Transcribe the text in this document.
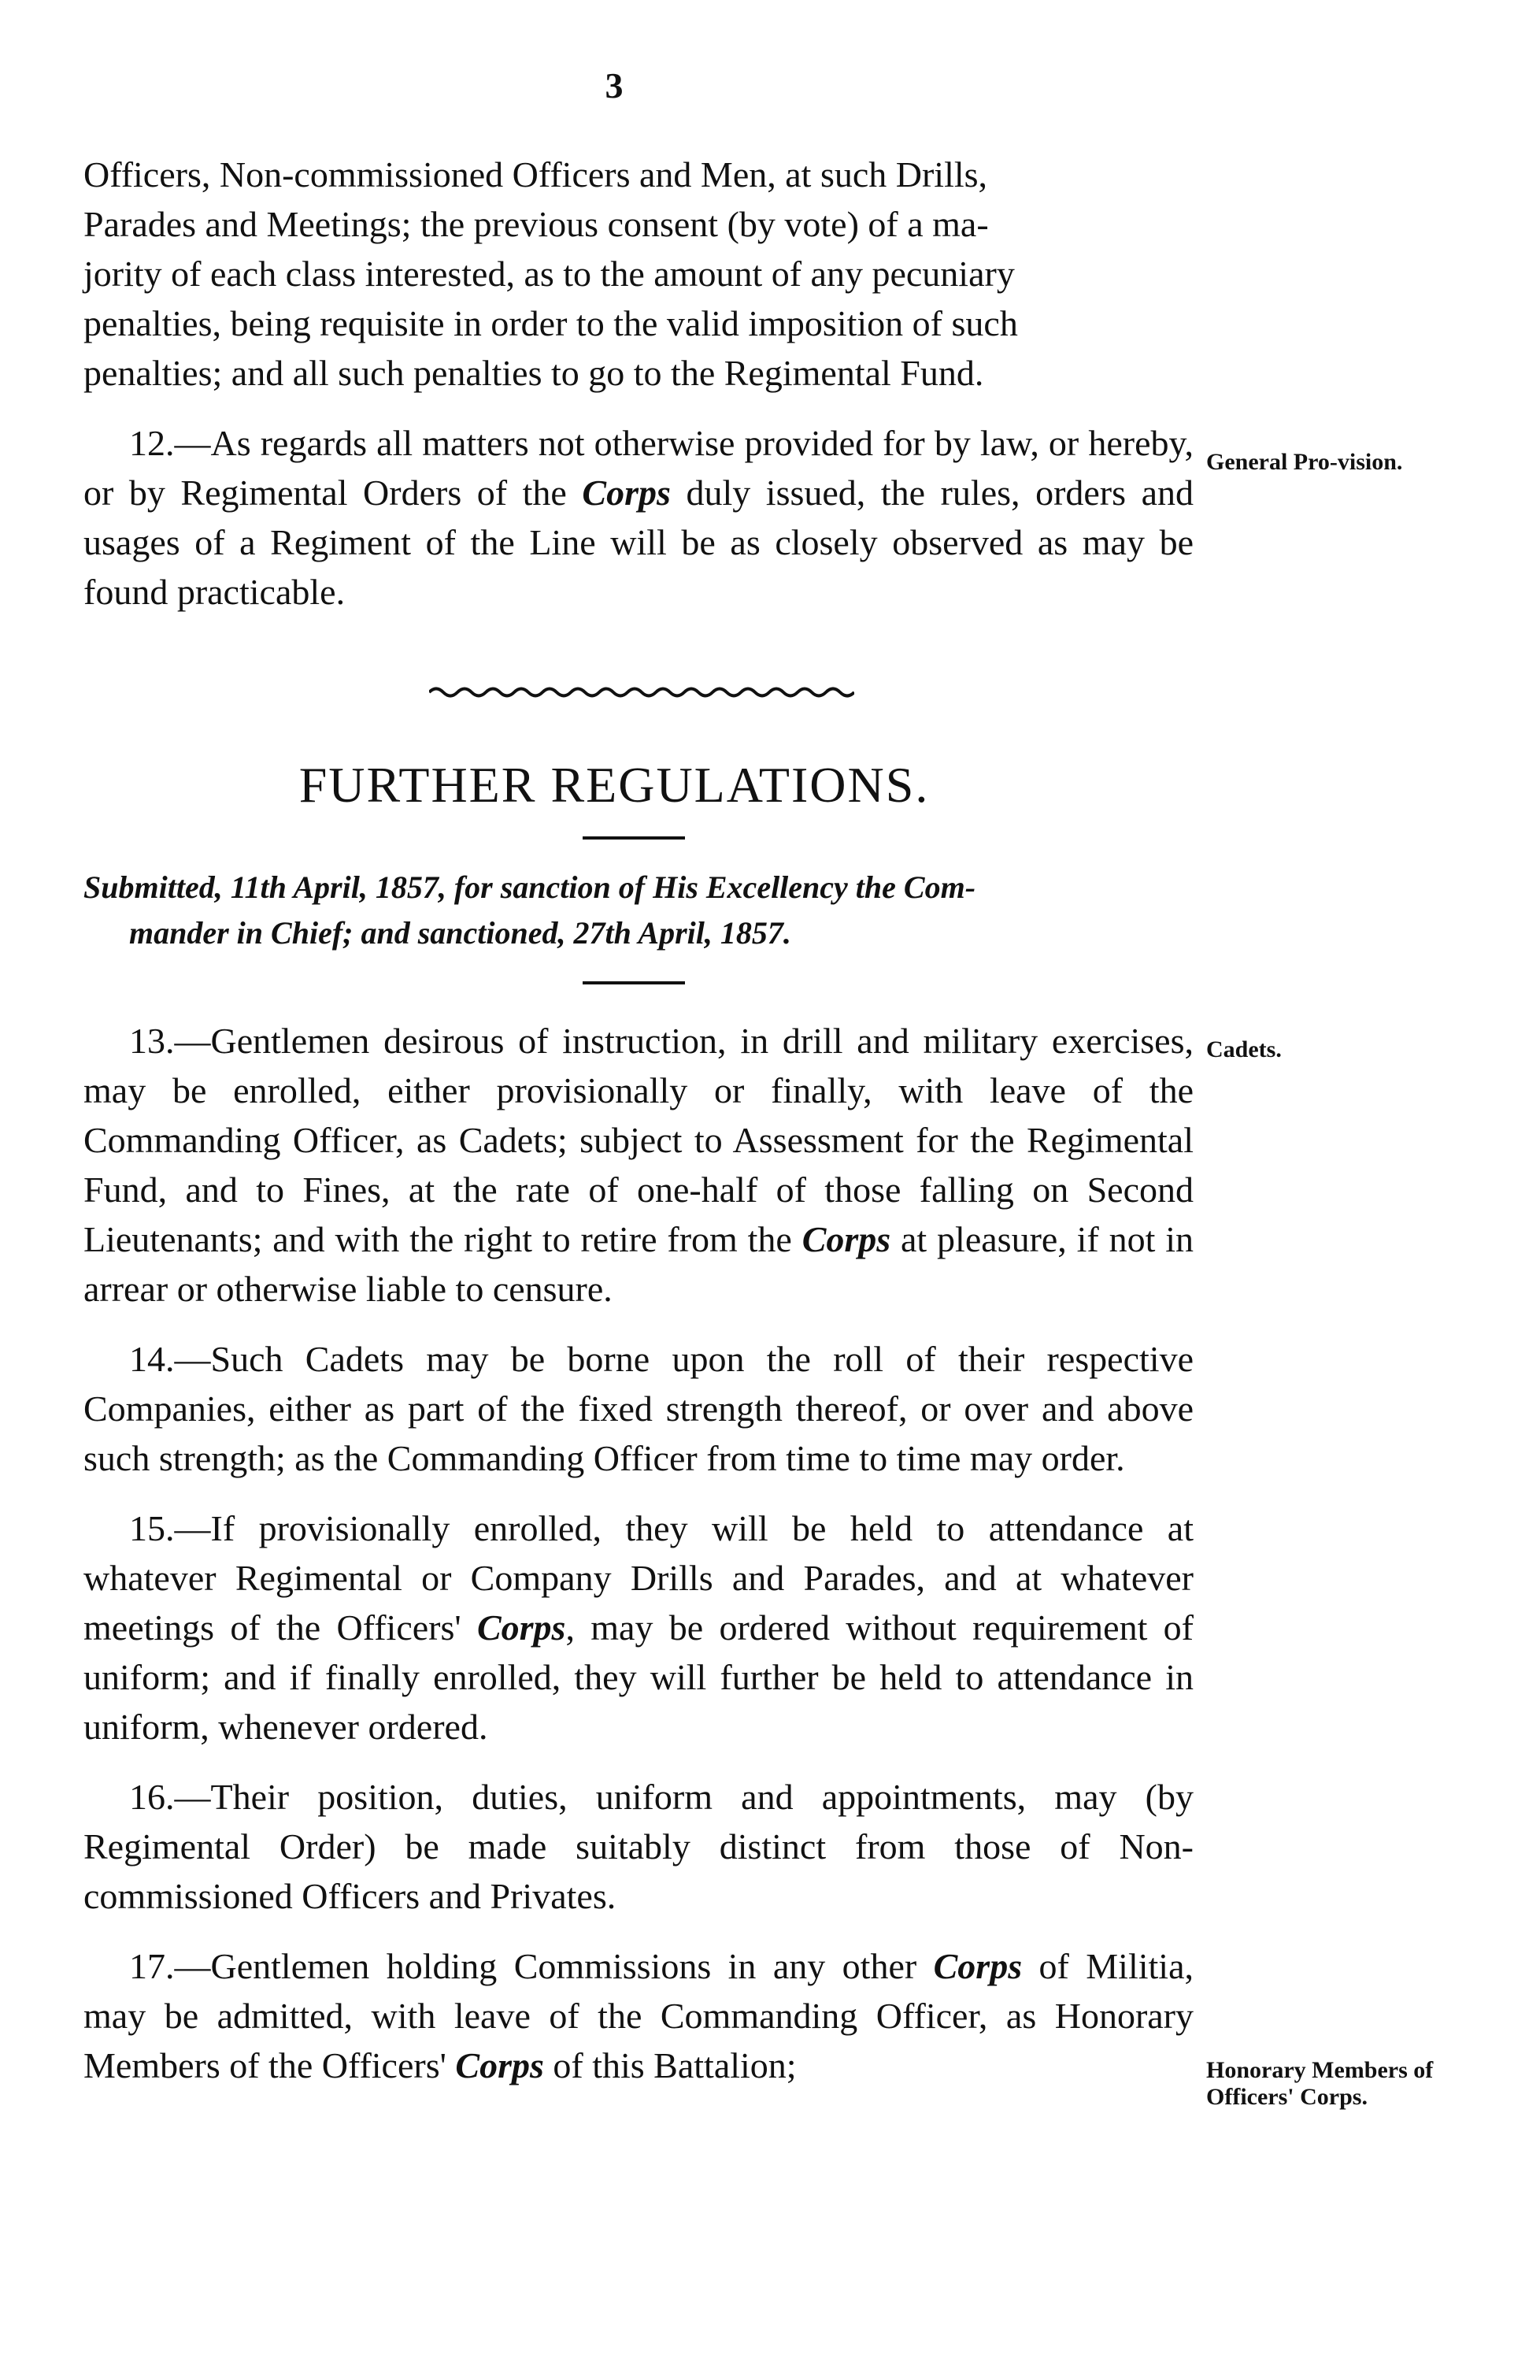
3
Officers, Non-commissioned Officers and Men, at such Drills,
Parades and Meetings; the previous consent (by vote) of a ma-
jority of each class interested, as to the amount of any pecuniary
penalties, being requisite in order to the valid imposition of such
penalties; and all such penalties to go to the Regimental Fund.

12.—As regards all matters not otherwise provided for by law, or hereby, or by Regimental Orders of the Corps duly issued, the rules, orders and usages of a Regiment of the Line will be as closely observed as may be found practicable.

General Pro-vision.
FURTHER REGULATIONS.
Submitted, 11th April, 1857, for sanction of His Excellency the Com-
mander in Chief; and sanctioned, 27th April, 1857.

13.—Gentlemen desirous of instruction, in drill and military exercises, may be enrolled, either provisionally or finally, with leave of the Commanding Officer, as Cadets; subject to Assessment for the Regimental Fund, and to Fines, at the rate of one-half of those falling on Second Lieutenants; and with the right to retire from the Corps at pleasure, if not in arrear or otherwise liable to censure.

14.—Such Cadets may be borne upon the roll of their respective Companies, either as part of the fixed strength thereof, or over and above such strength; as the Commanding Officer from time to time may order.

15.—If provisionally enrolled, they will be held to attendance at whatever Regimental or Company Drills and Parades, and at whatever meetings of the Officers' Corps, may be ordered without requirement of uniform; and if finally enrolled, they will further be held to attendance in uniform, whenever ordered.

16.—Their position, duties, uniform and appointments, may (by Regimental Order) be made suitably distinct from those of Non-commissioned Officers and Privates.

17.—Gentlemen holding Commissions in any other Corps of Militia, may be admitted, with leave of the Commanding Officer, as Honorary Members of the Officers' Corps of this Battalion;

Cadets.
Honorary Members of Officers' Corps.
